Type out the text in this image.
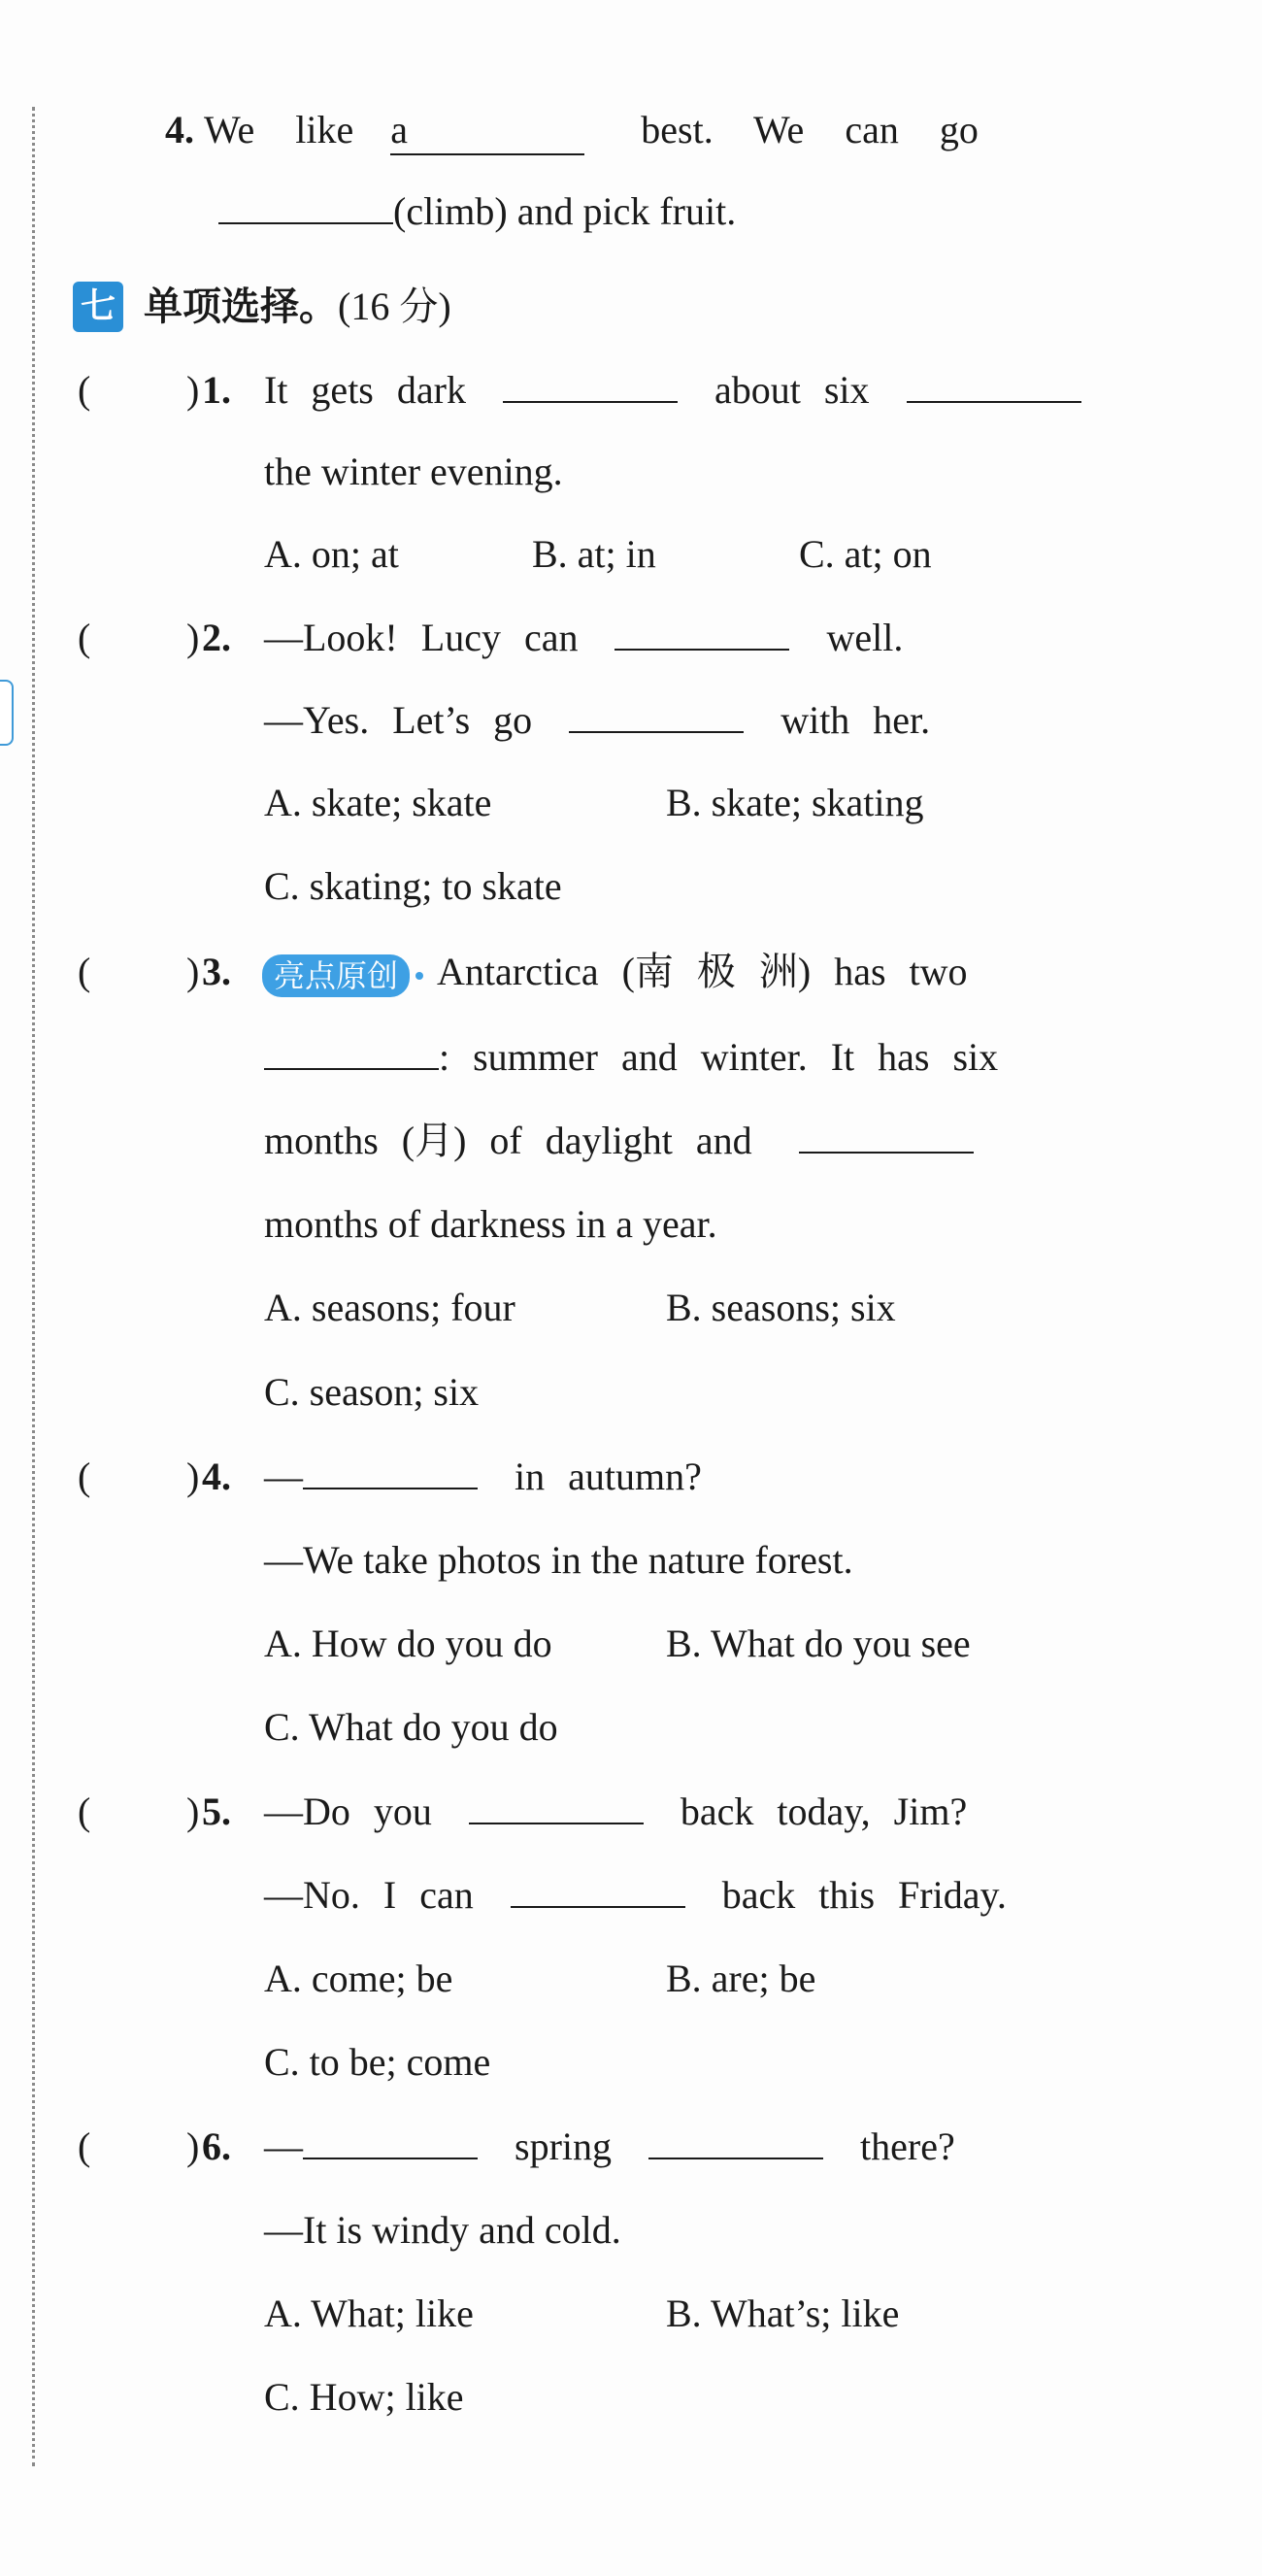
4. We like a	best. We can go
(climb) and pick fruit.
七 单项选择。(16 分)
( ) 1. It gets dark	about six
the winter evening.
A. on; at	B. at; in	C. at; on
( ) 2. —Look! Lucy can	well.
—Yes. Let’s go	with her.
A. skate; skate	B. skate; skating
C. skating; to skate
( ) 3.	亮点原创 Antarctica (南 极 洲) has two
: summer and winter. It has six
months (月) of daylight and
months of darkness in a year.
A. seasons; four	B. seasons; six
C. season; six
( ) 4. —	in autumn?
—We take photos in the nature forest.
A. How do you do	B. What do you see
C. What do you do
( ) 5. —Do you	back today, Jim?
—No. I can	back this Friday.
A. come; be	B. are; be
C. to be; come
( ) 6. —	spring	there?
—It is windy and cold.
A. What; like	B. What’s; like
C. How; like
